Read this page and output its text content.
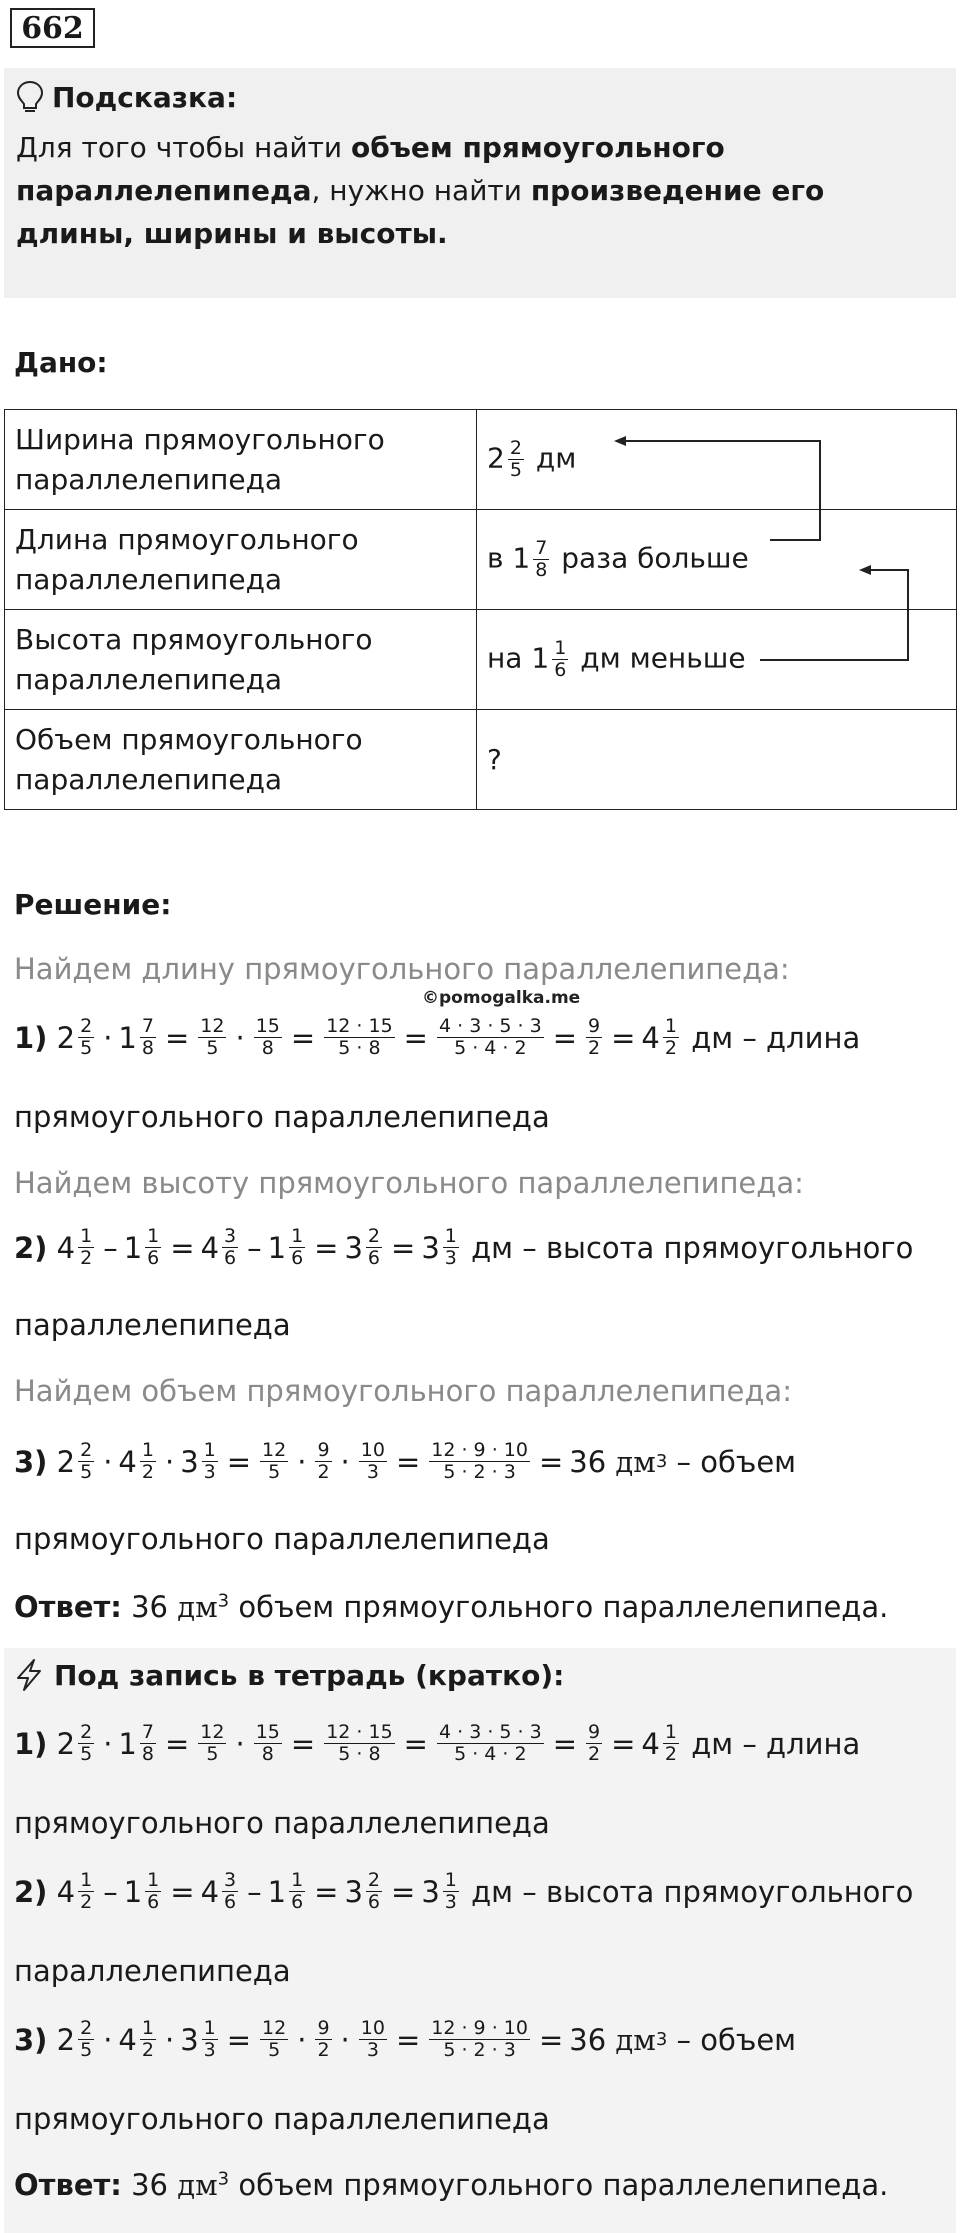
662
Подсказка:
Для того чтобы найти объем прямоугольного параллелепипеда, нужно найти произведение его длины, ширины и высоты.
Дано:
Ширина прямоугольного параллелепипеда	$2 \frac{2}{5}$ дм
Длина прямоугольного параллелепипеда	в $1 \frac{7}{8}$ раза больше
Высота прямоугольного параллелепипеда	на $1 \frac{1}{6}$ дм меньше
Объем прямоугольного параллелепипеда	?
Решение:
Найдем длину прямоугольного параллелепипеда:
©pomogalka.me
1)
$2 \frac{2}{5} \cdot 1 \frac{7}{8} = \frac{12}{5} \cdot \frac{15}{8} = \frac{12 \cdot 15}{5 \cdot 8} = \frac{4 \cdot 3 \cdot 5 \cdot 3}{5 \cdot 4 \cdot 2} = \frac{9}{2} = 4 \frac{1}{2}$
дм – длина
прямоугольного параллелепипеда
Найдем высоту прямоугольного параллелепипеда:
2)
$4 \frac{1}{2} - 1 \frac{1}{6} = 4 \frac{3}{6} - 1 \frac{1}{6} = 3 \frac{2}{6} = 3 \frac{1}{3}$
дм – высота прямоугольного
параллелепипеда
Найдем объем прямоугольного параллелепипеда:
3)
$2 \frac{2}{5} \cdot 4 \frac{1}{2} \cdot 3 \frac{1}{3} = \frac{12}{5} \cdot \frac{9}{2} \cdot \frac{10}{3} = \frac{12 \cdot 9 \cdot 10}{5 \cdot 2 \cdot 3} = 36$
дм 3
– объем
прямоугольного параллелепипеда
Ответ: 36 $дм^3$ объем прямоугольного параллелепипеда.
Под запись в тетрадь (кратко):
1)
$2 \frac{2}{5} \cdot 1 \frac{7}{8} = \frac{12}{5} \cdot \frac{15}{8} = \frac{12 \cdot 15}{5 \cdot 8} = \frac{4 \cdot 3 \cdot 5 \cdot 3}{5 \cdot 4 \cdot 2} = \frac{9}{2} = 4 \frac{1}{2}$
дм – длина
прямоугольного параллелепипеда
2)
$4 \frac{1}{2} - 1 \frac{1}{6} = 4 \frac{3}{6} - 1 \frac{1}{6} = 3 \frac{2}{6} = 3 \frac{1}{3}$
дм – высота прямоугольного
параллелепипеда
3)
$2 \frac{2}{5} \cdot 4 \frac{1}{2} \cdot 3 \frac{1}{3} = \frac{12}{5} \cdot \frac{9}{2} \cdot \frac{10}{3} = \frac{12 \cdot 9 \cdot 10}{5 \cdot 2 \cdot 3} = 36$
дм 3
– объем
прямоугольного параллелепипеда
Ответ: 36 $дм^3$ объем прямоугольного параллелепипеда.
